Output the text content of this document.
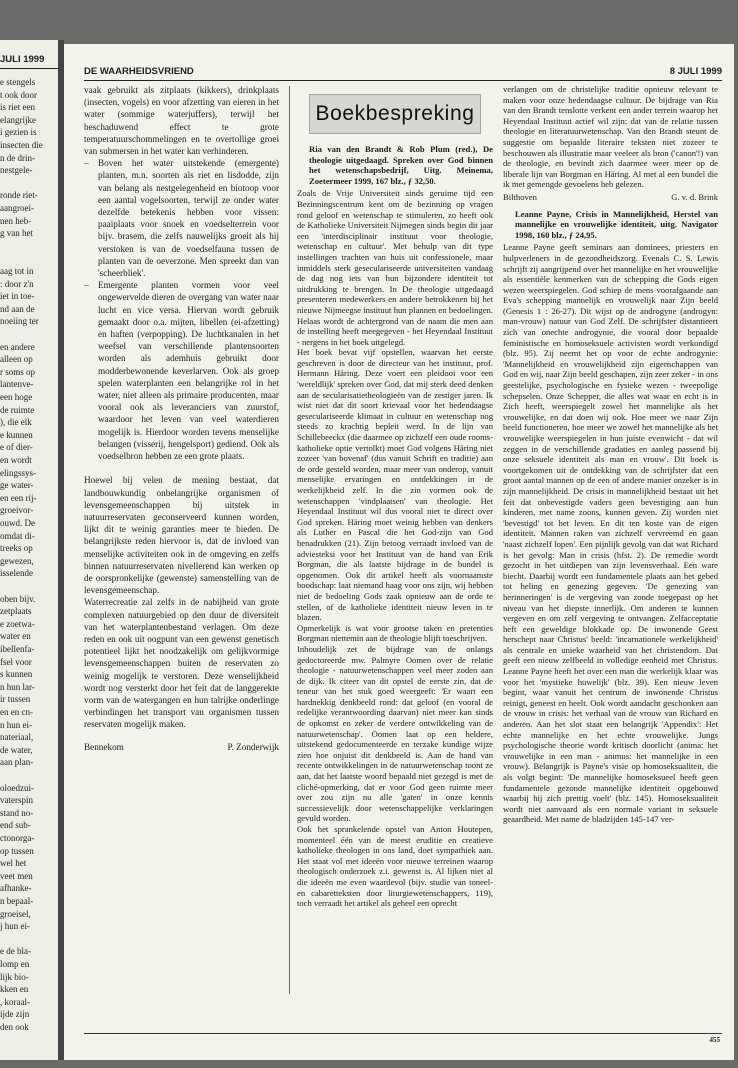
JULI 1999
e stengels
t ook door
is riet een
elangrijke
i gezien is
insecten die
n de drin-
nestgele-
ronde riet-
aangroei-
nen heb-
g van het
aag tot in
: door z'n
iet in toe-
nd aan de
noeiing ter
en andere
alleen op
r soms op
lantenve-
een hoge
de ruimte
), die elk
e kunnen
e of dier-
en wordt
elingssys-
ge water-
en een rij-
groeivor-
ouwd. De
omdat di-
treeks op
gewezen,
isselende
oben bijv.
zetplaats
e zoetwa-
water en
ibellenfa-
fsel voor
s kunnen
n hun lar-
ir tussen
en en cn-
n hun ei-
nateriaal,
de water,
aan plan-
oloedzui-
vaterspin
stand no-
end sub-
ctonorga-
op tussen
wel het
veet men
afhanke-
n bepaal-
groeisel,
j hun ei-
e de bla-
lomp en
lijk bio-
kken en
, koraal-
ijde zijn
den ook
DE WAARHEIDSVRIEND	8 JULI 1999

vaak gebruikt als zitplaats (kikkers), drinkplaats (insecten, vogels) en voor afzetting van eieren in het water (sommige waterjuffers), terwijl het beschaduwend effect te grote temperatuurschommelingen en te overtollige groei van submersen in het water kan verhinderen.

– Boven het water uitstekende (emergente) planten, m.n. soorten als riet en lisdodde, zijn van belang als nestgelegenheid en biotoop voor een aantal vogelsoorten, terwijl ze onder water dezelfde betekenis hebben voor vissen: paaiplaats voor snoek en voedselterrein voor bijv. brasem, die zelfs nauwelijks groeit als hij verstoken is van de voedselfauna tussen de planten van de oeverzone. Men spreekt dan van 'scheerbliek'.

– Emergente planten vormen voor veel ongewervelde dieren de overgang van water naar lucht en vice versa. Hiervan wordt gebruik gemaakt door o.a. mijten, libellen (ei-afzetting) en haften (verpopping). De luchtkanalen in het weefsel van verschillende plantensoorten worden als ademhuis gebruikt door modderbewonende keverlarven. Ook als groep spelen waterplanten een belangrijke rol in het water, niet alleen als primaire producenten, maar vooral ook als leveranciers van zuurstof, waardoor het leven van veel waterdieren mogelijk is. Hierdoor worden tevens menselijke belangen (visserij, hengelsport) gediend. Ook als voedselbron hebben ze een grote plaats.

Hoewel bij velen de mening bestaat, dat landbouwkundig onbelangrijke organismen of levensgemeenschappen bij uitstek in natuurreservaten geconserveerd kunnen worden, lijkt dit te weinig garanties meer te bieden. De belangrijkste reden hiervoor is, dat de invloed van menselijke activiteiten ook in de omgeving en zelfs binnen natuurreservaten nivellerend kan werken op de oorspronkelijke (gewenste) samenstelling van de levensgemeenschap.

Waterrecreatie zal zelfs in de nabijheid van grote complexen natuurgebied op den duur de diversiteit van het waterplantenbestand verlagen. Om deze reden en ook uit oogpunt van een gewenst genetisch potentieel lijkt het noodzakelijk om gelijkvormige levensgemeenschappen buiten de reservaten zo weinig mogelijk te verstoren. Deze wenselijkheid wordt nog versterkt door het feit dat de langgerekte vorm van de watergangen en hun talrijke onderlinge verbindingen het transport van organismen tussen reservaten mogelijk maken.

Bennekom	P. Zonderwijk
Boekbespreking

Ria van den Brandt & Rob Plum (red.), De theologie uitgedaagd. Spreken over God binnen het wetenschapsbedrijf, Uitg. Meinema, Zoetermeer 1999, 167 blz., ƒ 32,50.

Zoals de Vrije Universiteit sinds geruime tijd een Bezinningscentrum kent om de bezinning op vragen rond geloof en wetenschap te stimuleren, zo heeft ook de Katholieke Universiteit Nijmegen sinds begin dit jaar een 'interdisciplinair instituut voor theologie, wetenschap en cultuur'. Met behulp van dit type instellingen trachten van huis uit confessionele, maar inmiddels sterk geseculariseerde universiteiten vandaag de dag nog iets van hun bijzondere identiteit tot uitdrukking te brengen. In De theologie uitgedaagd presenteren medewerkers en andere betrokkenen bij het nieuwe Nijmeegse instituut hun plannen en bedoelingen. Helaas wordt de achtergrond van de naam die men aan de instelling heeft meegegeven - het Heyendaal Instituut - nergens in het boek uitgelegd.

Het boek bevat vijf opstellen, waarvan het eerste geschreven is door de directeur van het instituut, prof. Hermann Häring. Deze voert een pleidooi voor een 'wereldlijk' spreken over God, dat mij sterk deed denken aan de secularisatietheologieën van de zestiger jaren. Ik wist niet dat dit soort krievaal voor het hedendaagse geseculariseerde klimaat in cultuur en wetenschap nog steeds zo krachtig bepleit werd. In de lijn van Schillebeeckx (die daarmee op zichzelf een oude rooms-katholieke optie vertolkt) moet God volgens Häring niet zozeer 'van bovenaf' (dus vanuit Schrift en traditie) aan de orde gesteld worden, maar meer van onderop, vanuit menselijke ervaringen en ontdekkingen in de werkelijkheid zelf. In die zin vormen ook de wetenschappen 'vindplaatsen' van theologie. Het Heyendaal Instituut wil dus vooral niet te direct over God spreken. Häring moet weinig hebben van denkers als Luther en Pascal die het God-zijn van God benadrukken (21). Zijn betoog verraadt invloed van de adviesteksi voor het Instituut van de hand van Erik Borgman, die als laatste bijdrage in de bundel is opgenomen. Ook dit artikel heeft als voornaamste boodschap: laat niemand haag voor ons zijn, wij hebben niet de bedoeling Gods zaak opnieuw aan de orde te stellen, of de katholieke identiteit nieuw leven in te blazen.

Opmerkelijk is wat voor grootse taken en pretenties Borgman niettemin aan de theologie blijft toeschrijven.

Inhoudelijk zet de bijdrage van de onlangs gedoctoreerde mw. Palmyre Oomen over de relatie theologie - natuurwetenschappen veel meer zoden aan de dijk. Ik citeer van dit opstel de eerste zin, dat de teneur van het stuk goed weergeeft: 'Er waart een hardnekkig denkbeeld rond: dat geloof (en vooral de redelijke verantwoording daarvan) niet meer kan sinds de opkomst en zeker de verdere ontwikkeling van de natuurwetenschap'. Oomen laat op een heldere, uitstekend gedocumenteerde en terzake kundige wijze zien hoe onjuist dit denkbeeld is. Aan de hand van recente ontwikkelingen in de natuurwetenschap toont ze aan, dat het laatste woord bepaald niet gezegd is met de cliché-opmerking, dat er voor God geen ruimte meer over zou zijn nu alle 'gaten' in onze kennis successievelijk door wetenschappelijke verklaringen gevuld worden.

Ook het sprankelende opstel van Anton Houtepen, momenteel één van de meest eruditie en creatieve katholieke theologen in ons land, doet sympathiek aan. Het staat vol met ideeën voor nieuwe terreinen waarop theologisch onderzoek z.i. gewenst is. Al lijken niet al die ideeën me even waardevol (bijv. studie van toneel- en cabaretteksten door liturgiewetenschappers, 119), toch verraadt het artikel als geheel een oprecht

verlangen om de christelijke traditie opnieuw relevant te maken voor onze hedendaagse cultuur. De bijdrage van Ria van den Brandt tenslotte verkent een ander terrein waarop het Heyendaal Instituut actief wil zijn: dat van de relatie tussen theologie en literatuurwetenschap. Van den Brandt steunt de suggestie om bepaalde literaire teksten niet zozeer te beschouwen als illustratie maar veeleer als bron ('canon'!) van de theologie, en bevindt zich daarmee weer meer op de liberale lijn van Borgman en Häring. Al met al een bundel die ik met gemengde gevoelens heb gelezen.

Bilthoven	G. v. d. Brink

Leanne Payne, Crisis in Mannelijkheid, Herstel van mannelijke en vrouwelijke identiteit, uitg. Navigator 1998, 160 blz., ƒ 24,95.

Leanne Payne geeft seminars aan dominees, priesters en hulpverleners in de gezondheidszorg. Evenals C. S. Lewis schrijft zij aangrijpend over het mannelijke en het vrouwelijke als essentiële kenmerken van de schepping die Gods eigen wezen weerspiegelen. God schiep de mens voorafgaande aan Eva's schepping mannelijk en vrouwelijk naar Zijn beeld (Genesis 1 : 26-27). Dit wijst op de androgyne (androgyn: man-vrouw) natuur van God Zelf. De schrijfster distantieert zich van onechte androgynie, die vooral door bepaalde feministische en homoseksuele activisten wordt verkondigd (blz. 95). Zij neemt het op voor de echte androgynie: 'Mannelijkheid en vrouwelijkheid zijn eigenschappen van God en wij, naar Zijn beeld geschapen, zijn zeer zeker - in ons geestelijke, psychologische en fysieke wezen - tweepolige schepselen. Onze Schepper, die alles wat waar en echt is in Zich heeft, weerspiegelt zowel het mannelijke als het vrouwelijke, en dat doen wij ook. Hoe meer we naar Zijn beeld functioneren, hoe meer we zowel het mannelijke als het vrouwelijke weerspiegelen in hun juiste evenwicht - dat wil zeggen in de verschillende gradaties en aanleg passend bij onze seksuele identiteit als man en vrouw'. Dit boek is voortgekomen uit de ontdekking van de schrijfster dat een groot aantal mannen op de een of andere manier onzeker is in zijn mannelijkheid. De crisis in mannelijkheid bestaat uit het feit dat onbevestigde vaders geen bevestiging aan hun kinderen, met name zoons, kunnen geven. Zij worden niet 'bevestigd' tot het leven. En dit ten koste van de eigen identiteit. Mannen raken van zichzelf vervreemd en gaan 'naast zichzelf lopen'. Een pijnlijk gevolg van dat wat Richard is het gevolg: Man in crisis (hfst. 2). De remedie wordt gezocht in het uitdiepen van zijn levensverhaal. Een ware biecht. Daarbij wordt een fundamentele plaats aan het gebed tot heling en genezing gegeven. 'De genezing van herinneringen' is de vergeving van zonde toegepast op het niveau van het diepste innerlijk. Om anderen te kunnen vergeven en om zelf vergeving te ontvangen. Zelfacceptatie heft een geweldige blokkade op. De inwonende Geest herschept naar Christus' beeld: 'incarnationele werkelijkheid' als centrale en unieke waarheid van het christendom. Dat geeft een nieuw zelfbeeld in volledige eenheid met Christus. Leanne Payne heeft het over een man die werkelijk klaar was voor het 'mystieke huwelijk' (blz. 39). Een nieuw leven begint, waar vanuit het centrum de inwonende Christus reinigt, geneest en heelt. Ook wordt aandacht geschonken aan de vrouw in crisis: het verhaal van de vrouw van Richard en anderen. Aan het slot staat een belangrijk 'Appendix': Het echte mannelijke en het echte vrouwelijke. Jungs psychologische theorie wordt kritisch doorlicht (anima: het vrouwelijke in een man - animus: het mannelijke in een vrouw). Belangrijk is Payne's visie op homoseksualiteit, die als volgt begint: 'De mannelijke homoseksueel heeft geen fundamentele gezonde mannelijke identiteit opgebouwd waarbij hij zich prettig voelt' (blz. 145). Homoseksualiteit wordt niet aanvaard als een normale variant in seksuele geaardheid. Met name de bladzijden 145-147 ver-

455
